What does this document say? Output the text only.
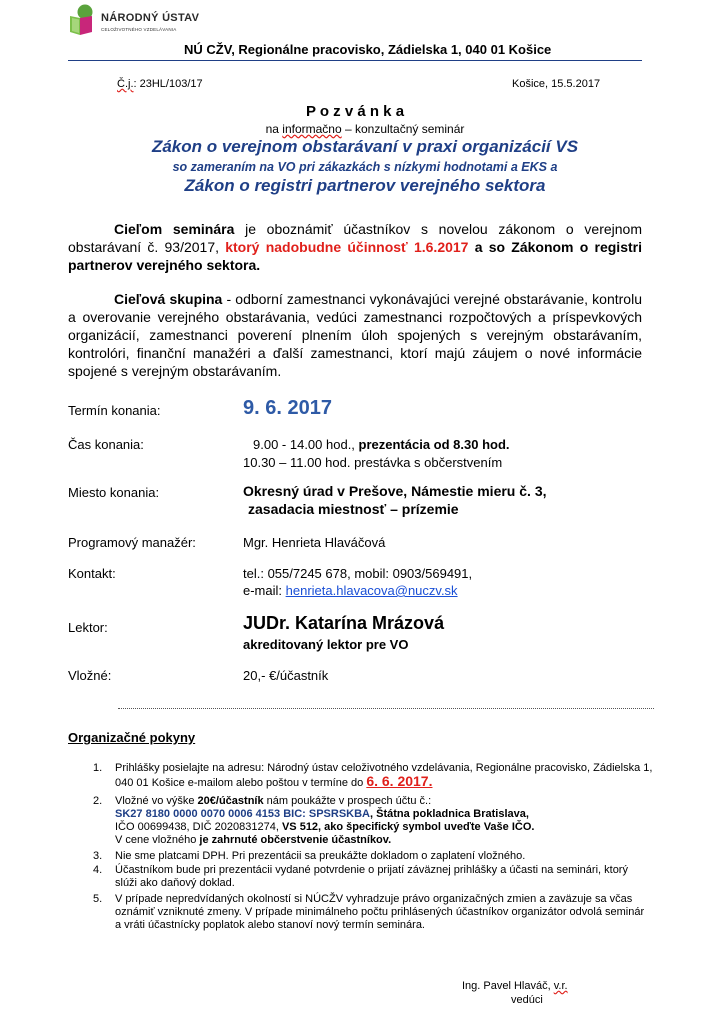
NÁRODNÝ ÚSTAV
CELOŽIVOTNÉHO VZDELÁVANIA
NÚ CŽV, Regionálne pracovisko, Zádielska 1, 040 01 Košice
Č.j.: 23HL/103/17	Košice, 15.5.2017
P o z v á n k a
na informačno – konzultačný seminár
Zákon o verejnom obstarávaní v praxi organizácií VS
so zameraním na VO pri zákazkách s nízkymi hodnotami a EKS a
Zákon o registri partnerov verejného sektora
Cieľom seminára je oboznámiť účastníkov s novelou zákonom o verejnom obstarávaní č. 93/2017, ktorý nadobudne účinnosť 1.6.2017 a so Zákonom o registri partnerov verejného sektora.
Cieľová skupina - odborní zamestnanci vykonávajúci verejné obstarávanie, kontrolu a overovanie verejného obstarávania, vedúci zamestnanci rozpočtových a príspevkových organizácií, zamestnanci poverení plnením úloh spojených s verejným obstarávaním, kontrolóri, finanční manažéri a ďalší zamestnanci, ktorí majú záujem o nové informácie spojené s verejným obstarávaním.
Termín konania:	9. 6. 2017
Čas konania:	9.00 - 14.00 hod., prezentácia od 8.30 hod.
10.30 – 11.00 hod. prestávka s občerstvením
Miesto konania:	Okresný úrad v Prešove, Námestie mieru č. 3,
zasadacia miestnosť – prízemie
Programový manažér:	Mgr. Henrieta Hlaváčová
Kontakt:	tel.: 055/7245 678, mobil: 0903/569491,
e-mail: henrieta.hlavacova@nuczv.sk
Lektor:	JUDr. Katarína Mrázová
akreditovaný lektor pre VO
Vložné:	20,- €/účastník
Organizačné pokyny
1. Prihlášky posielajte na adresu: Národný ústav celoživotného vzdelávania, Regionálne pracovisko, Zádielska 1, 040 01 Košice e-mailom alebo poštou v termíne do 6. 6. 2017.
2. Vložné vo výške 20€/účastník nám poukážte v prospech účtu č.:
SK27 8180 0000 0070 0006 4153 BIC: SPSRSKBA, Štátna pokladnica Bratislava,
IČO 00699438, DIČ 2020831274, VS 512, ako špecifický symbol uveďte Vaše IČO.
V cene vložného je zahrnuté občerstvenie účastníkov.
3. Nie sme platcami DPH. Pri prezentácii sa preukážte dokladom o zaplatení vložného.
4. Účastníkom bude pri prezentácii vydané potvrdenie o prijatí záväznej prihlášky a účasti na seminári, ktorý slúži ako daňový doklad.
5. V prípade nepredvídaných okolností si NÚCŽV vyhradzuje právo organizačných zmien a zaväzuje sa včas oznámiť vzniknuté zmeny. V prípade minimálneho počtu prihlásených účastníkov organizátor odvolá seminár a vráti účastnícky poplatok alebo stanoví nový termín seminára.
Ing. Pavel Hlaváč, v.r.
vedúci
